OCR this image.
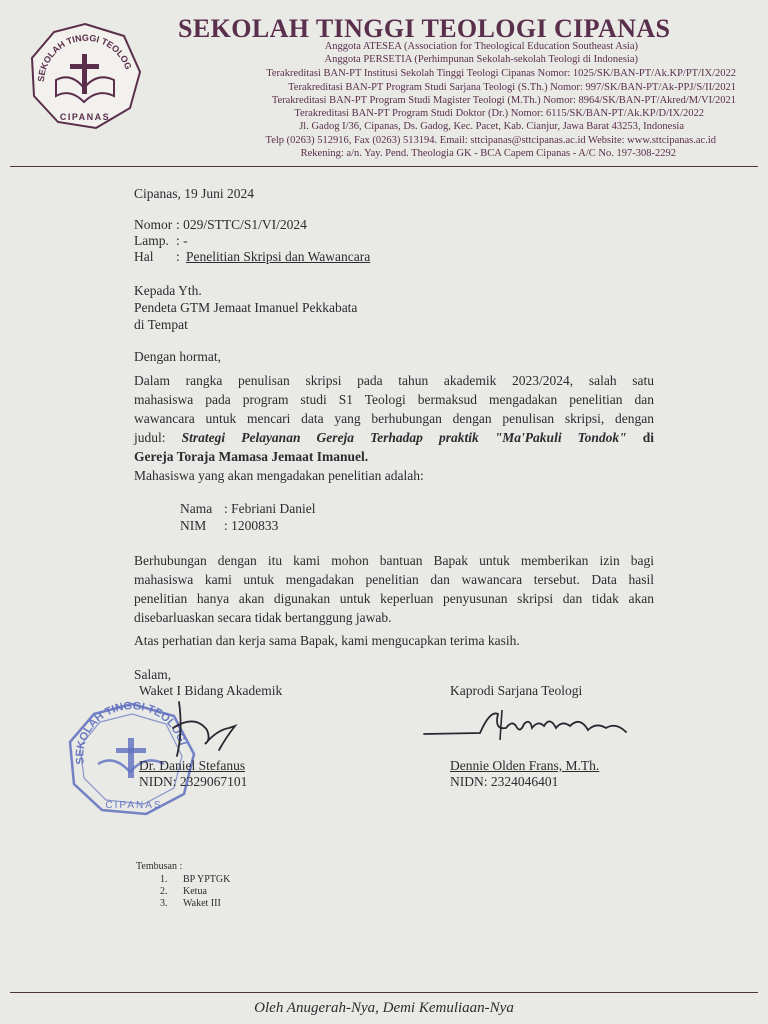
SEKOLAH TINGGI TEOLOG
CIPANAS
SEKOLAH TINGGI TEOLOGI CIPANAS
Anggota ATESEA (Association for Theological Education Southeast Asia)
Anggota PERSETIA (Perhimpunan Sekolah-sekolah Teologi di Indonesia)
Terakreditasi BAN-PT Institusi Sekolah Tinggi Teologi Cipanas Nomor: 1025/SK/BAN-PT/Ak.KP/PT/IX/2022
Terakreditasi BAN-PT Program Studi Sarjana Teologi (S.Th.) Nomor: 997/SK/BAN-PT/Ak-PPJ/S/II/2021
Terakreditasi BAN-PT Program Studi Magister Teologi (M.Th.) Nomor: 8964/SK/BAN-PT/Akred/M/VI/2021
Terakreditasi BAN-PT Program Studi Doktor (Dr.) Nomor: 6115/SK/BAN-PT/Ak.KP/D/IX/2022
Jl. Gadog I/36, Cipanas, Ds. Gadog, Kec. Pacet, Kab. Cianjur, Jawa Barat 43253, Indonesia
Telp (0263) 512916, Fax (0263) 513194. Email: sttcipanas@sttcipanas.ac.id Website: www.sttcipanas.ac.id
Rekening: a/n. Yay. Pend. Theologia GK - BCA Capem Cipanas - A/C No. 197-308-2292
Cipanas, 19 Juni 2024
Nomor : 029/STTC/S1/VI/2024
Lamp. : -
Hal : Penelitian Skripsi dan Wawancara
Kepada Yth.
Pendeta GTM Jemaat Imanuel Pekkabata
di Tempat
Dengan hormat,
Dalam rangka penulisan skripsi pada tahun akademik 2023/2024, salah satu
mahasiswa pada program studi S1 Teologi bermaksud mengadakan penelitian dan
wawancara untuk mencari data yang berhubungan dengan penulisan skripsi, dengan
judul: Strategi Pelayanan Gereja Terhadap praktik "Ma'Pakuli Tondok" di
Gereja Toraja Mamasa Jemaat Imanuel.
Mahasiswa yang akan mengadakan penelitian adalah:
Nama : Febriani Daniel
NIM : 1200833
Berhubungan dengan itu kami mohon bantuan Bapak untuk memberikan izin bagi
mahasiswa kami untuk mengadakan penelitian dan wawancara tersebut. Data hasil
penelitian hanya akan digunakan untuk keperluan penyusunan skripsi dan tidak akan
disebarluaskan secara tidak bertanggung jawab.
Atas perhatian dan kerja sama Bapak, kami mengucapkan terima kasih.
Salam,
Waket I Bidang Akademik	Kaprodi Sarjana Teologi
SEKOLAH TINGGI TEOLOGI
CIPANAS
Dr. Daniel Stefanus
NIDN: 2329067101
Dennie Olden Frans, M.Th.
NIDN: 2324046401
Tembusan :
1. BP YPTGK
2. Ketua
3. Waket III
Oleh Anugerah-Nya, Demi Kemuliaan-Nya
